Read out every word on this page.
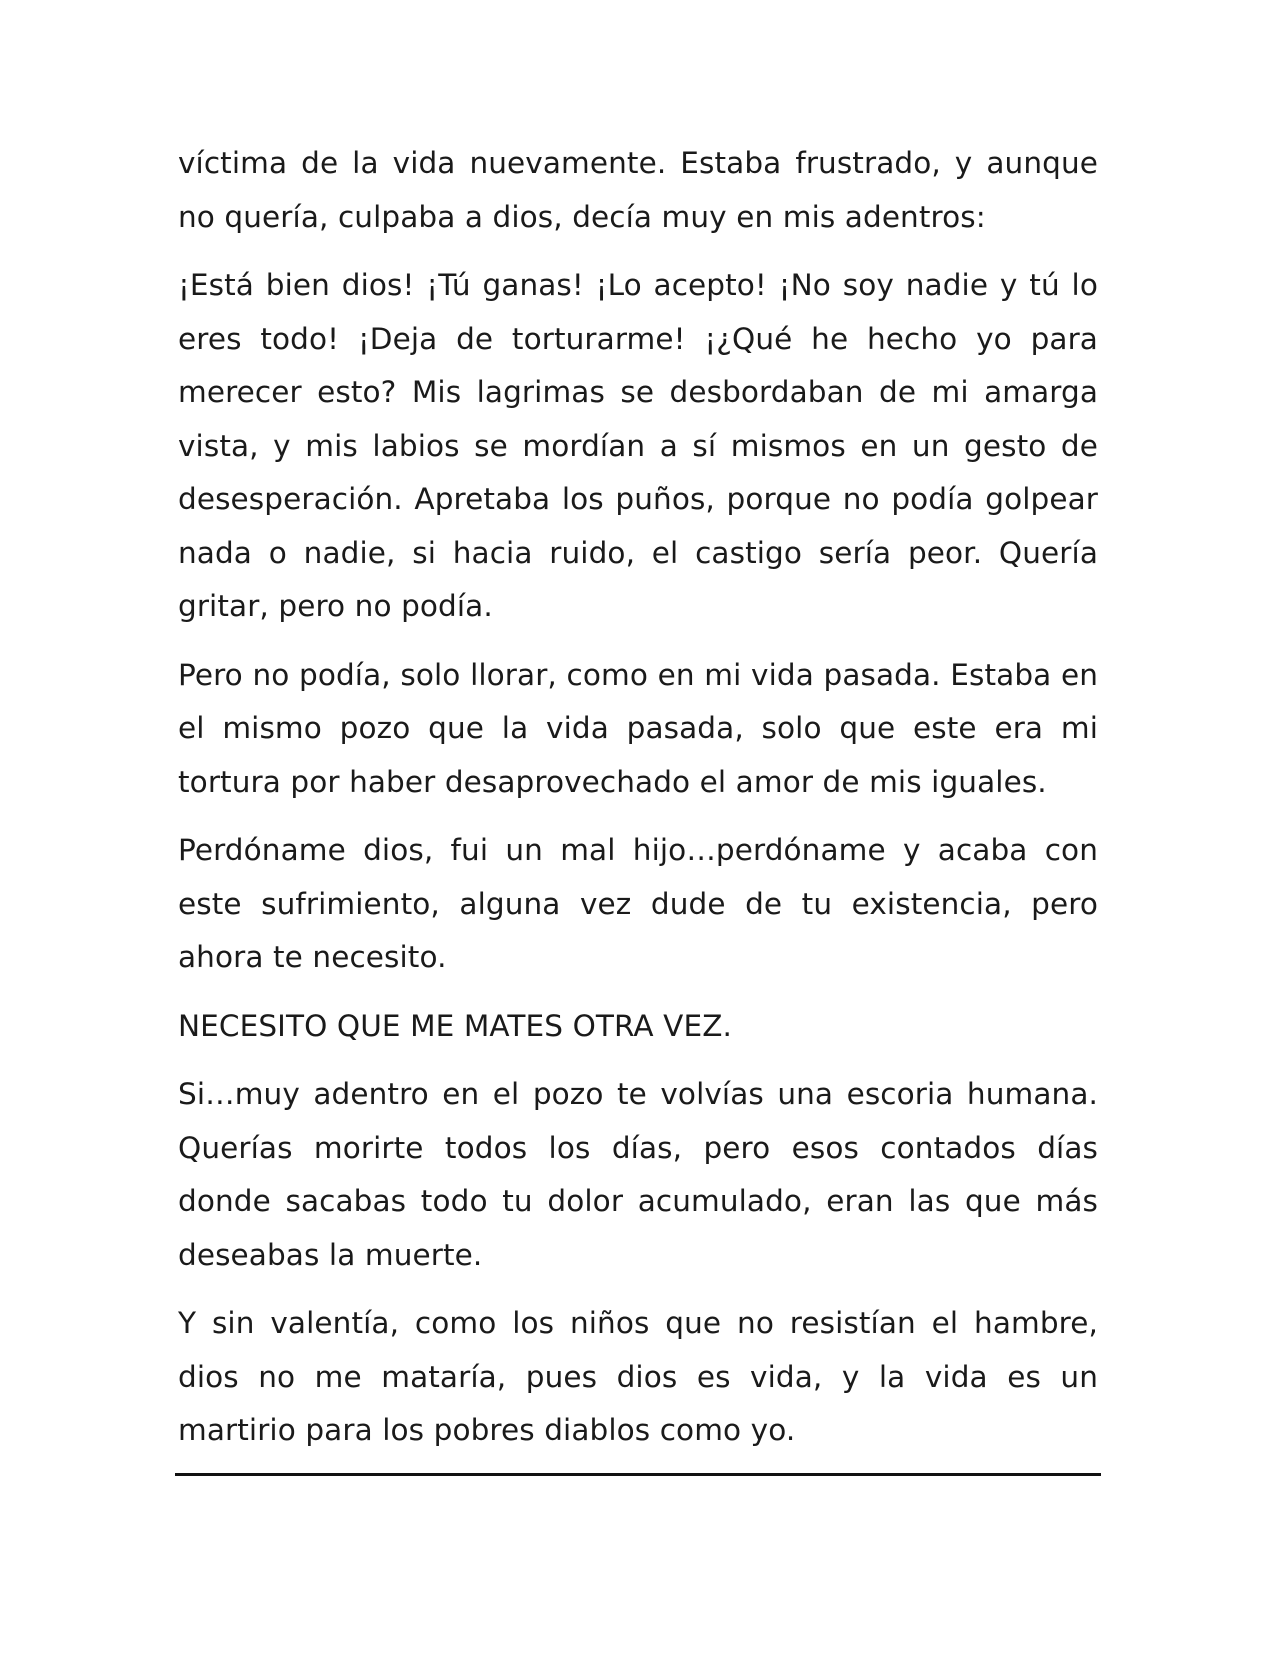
víctima de la vida nuevamente. Estaba frustrado, y aunque no quería, culpaba a dios, decía muy en mis adentros:

¡Está bien dios! ¡Tú ganas! ¡Lo acepto! ¡No soy nadie y tú lo eres todo! ¡Deja de torturarme! ¡¿Qué he hecho yo para merecer esto? Mis lagrimas se desbordaban de mi amarga vista, y mis labios se mordían a sí mismos en un gesto de desesperación. Apretaba los puños, porque no podía golpear nada o nadie, si hacia ruido, el castigo sería peor. Quería gritar, pero no podía.

Pero no podía, solo llorar, como en mi vida pasada. Estaba en el mismo pozo que la vida pasada, solo que este era mi tortura por haber desaprovechado el amor de mis iguales.

Perdóname dios, fui un mal hijo…perdóname y acaba con este sufrimiento, alguna vez dude de tu existencia, pero ahora te necesito.

NECESITO QUE ME MATES OTRA VEZ.

Si…muy adentro en el pozo te volvías una escoria humana. Querías morirte todos los días, pero esos contados días donde sacabas todo tu dolor acumulado, eran las que más deseabas la muerte.

Y sin valentía, como los niños que no resistían el hambre, dios no me mataría, pues dios es vida, y la vida es un martirio para los pobres diablos como yo.
